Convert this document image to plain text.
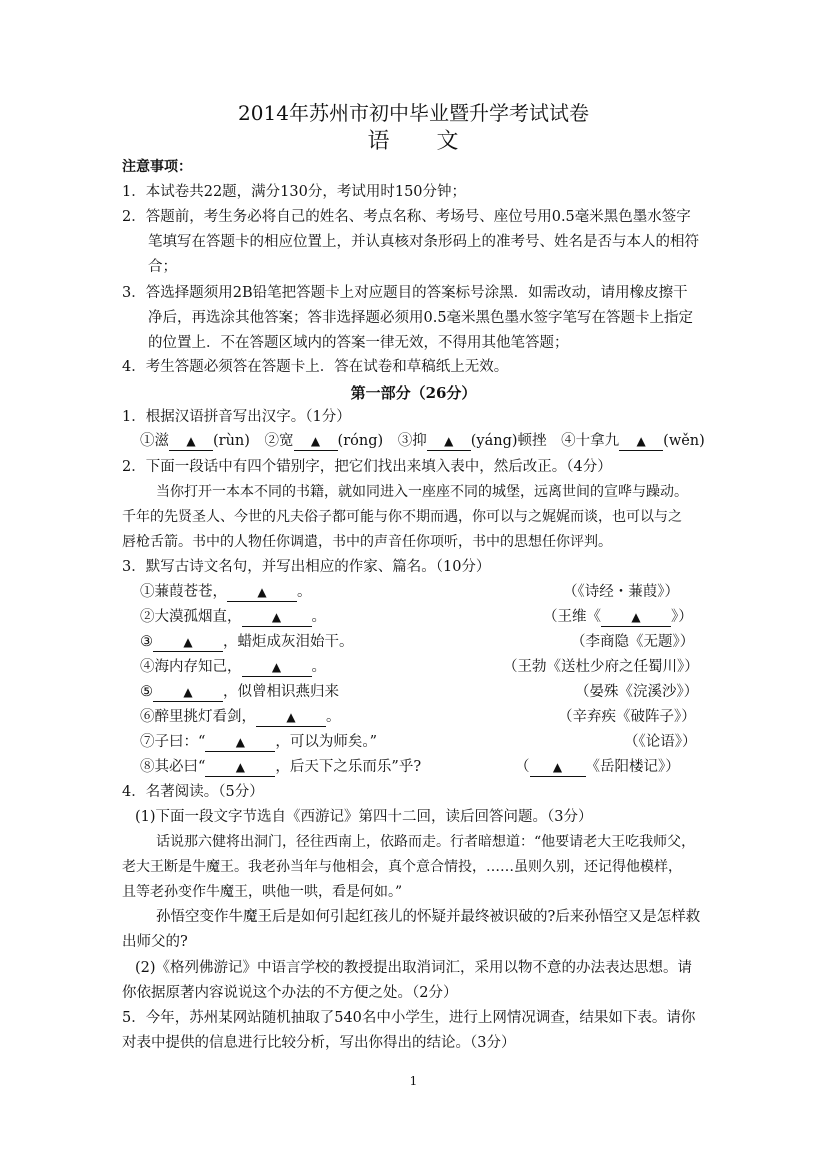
2014年苏州市初中毕业暨升学考试试卷
语　　文
注意事项：
1．本试卷共22题，满分130分，考试用时150分钟；
2．答题前，考生务必将自己的姓名、考点名称、考场号、座位号用0.5毫米黑色墨水签字
笔填写在答题卡的相应位置上，并认真核对条形码上的准考号、姓名是否与本人的相符
合；
3．答选择题须用2B铅笔把答题卡上对应题目的答案标号涂黑．如需改动，请用橡皮擦干
净后，再选涂其他答案；答非选择题必须用0.5毫米黑色墨水签字笔写在答题卡上指定
的位置上．不在答题区域内的答案一律无效，不得用其他笔答题；
4．考生答题必须答在答题卡上．答在试卷和草稿纸上无效。
第一部分（26分）
1．根据汉语拼音写出汉字。（1分）
①滋 ▲ (rùn) ②宽 ▲ (róng) ③抑 ▲ (yáng)顿挫 ④十拿九 ▲ (wěn)
2．下面一段话中有四个错别字，把它们找出来填入表中，然后改正。（4分）
当你打开一本本不同的书籍，就如同进入一座座不同的城堡，远离世间的宣哗与躁动。
千年的先贤圣人、今世的凡夫俗子都可能与你不期而遇，你可以与之娓娓而谈，也可以与之
唇枪舌箭。书中的人物任你调遣，书中的声音任你项听，书中的思想任你评判。
3．默写古诗文名句，并写出相应的作家、篇名。（10分）
①蒹葭苍苍，	▲ 。	（《诗经・蒹葭》）
②大漠孤烟直，	▲ 。	（王维《	▲ 》）
③	▲ ，蜡炬成灰泪始干。	（李商隐《无题》）
④海内存知己，	▲ 。	（王勃《送杜少府之任蜀川》）
⑤	▲ ，似曾相识燕归来	（晏殊《浣溪沙》）
⑥醉里挑灯看剑，	▲ 。	（辛弃疾《破阵子》）
⑦子曰：“	▲ ，可以为师矣。”	（《论语》）
⑧其必曰“	▲ ，后天下之乐而乐”乎?	（ ▲ 《岳阳楼记》）
4．名著阅读。（5分）
(1)下面一段文字节选自《西游记》第四十二回，读后回答问题。（3分）
话说那六健将出洞门，径往西南上，依路而走。行者暗想道：“他要请老大王吃我师父，
老大王断是牛魔王。我老孙当年与他相会，真个意合情投，……虽则久别，还记得他模样，
且等老孙变作牛魔王，哄他一哄，看是何如。”
孙悟空变作牛魔王后是如何引起红孩儿的怀疑并最终被识破的?后来孙悟空又是怎样救
出师父的?
(2)《格列佛游记》中语言学校的教授提出取消词汇，采用以物不意的办法表达思想。请
你依据原著内容说说这个办法的不方便之处。（2分）
5．今年，苏州某网站随机抽取了540名中小学生，进行上网情况调查，结果如下表。请你
对表中提供的信息进行比较分析，写出你得出的结论。（3分）
1
